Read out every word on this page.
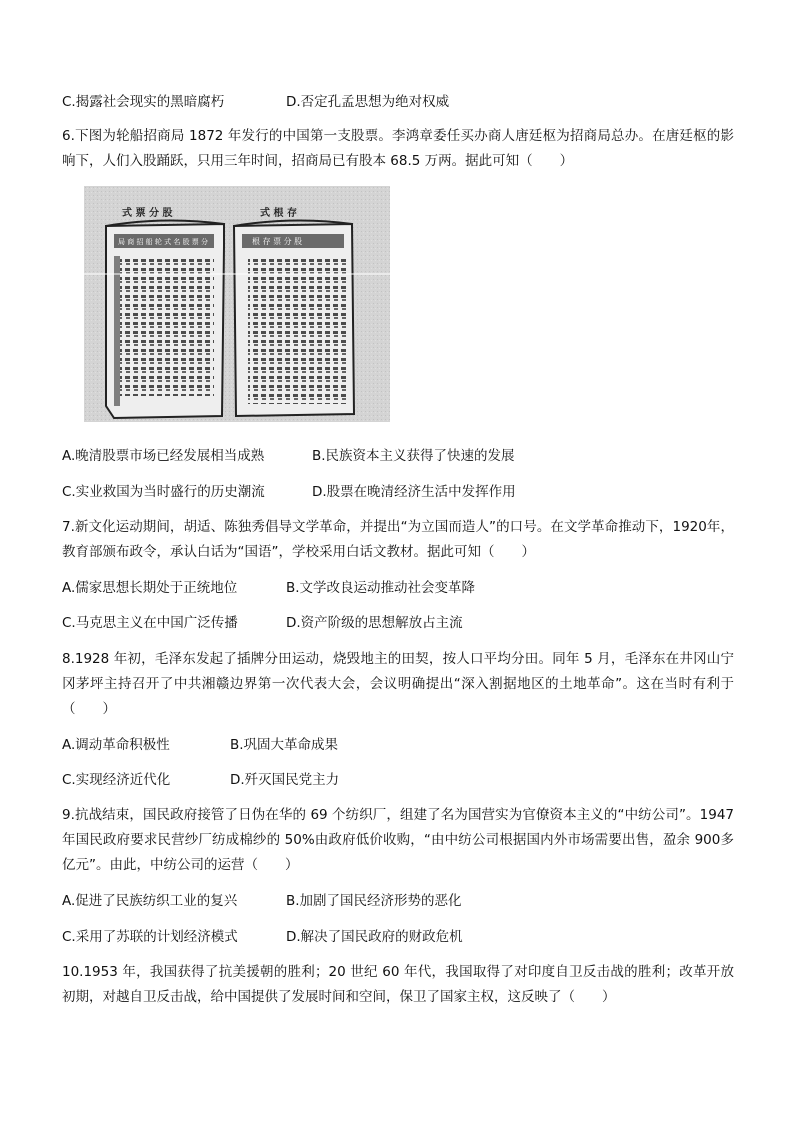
C.揭露社会现实的黑暗腐朽	D.否定孔孟思想为绝对权威
6.下图为轮船招商局 1872 年发行的中国第一支股票。李鸿章委任买办商人唐廷枢为招商局总办。在唐廷枢的影响下，人们入股踊跃，只用三年时间，招商局已有股本 68.5 万两。据此可知（　　）
式 票 分 股	式 根 存
局 商 招 船 轮 式 名 股 票 分	根 存 票 分 股
A.晚清股票市场已经发展相当成熟	B.民族资本主义获得了快速的发展
C.实业救国为当时盛行的历史潮流	D.股票在晚清经济生活中发挥作用
7.新文化运动期间，胡适、陈独秀倡导文学革命，并提出“为立国而造人”的口号。在文学革命推动下，1920年，教育部颁布政令，承认白话为“国语”，学校采用白话文教材。据此可知（　　）
A.儒家思想长期处于正统地位	B.文学改良运动推动社会变革降
C.马克思主义在中国广泛传播	D.资产阶级的思想解放占主流
8.1928 年初，毛泽东发起了插牌分田运动，烧毁地主的田契，按人口平均分田。同年 5 月，毛泽东在井冈山宁冈茅坪主持召开了中共湘赣边界第一次代表大会，会议明确提出“深入割据地区的土地革命”。这在当时有利于（　　）
A.调动革命积极性	B.巩固大革命成果
C.实现经济近代化	D.歼灭国民党主力
9.抗战结束，国民政府接管了日伪在华的 69 个纺织厂，组建了名为国营实为官僚资本主义的“中纺公司”。1947年国民政府要求民营纱厂纺成棉纱的 50%由政府低价收购，“由中纺公司根据国内外市场需要出售，盈余 900多亿元”。由此，中纺公司的运营（　　）
A.促进了民族纺织工业的复兴	B.加剧了国民经济形势的恶化
C.采用了苏联的计划经济模式	D.解决了国民政府的财政危机
10.1953 年，我国获得了抗美援朝的胜利；20 世纪 60 年代，我国取得了对印度自卫反击战的胜利；改革开放初期，对越自卫反击战，给中国提供了发展时间和空间，保卫了国家主权，这反映了（　　）
